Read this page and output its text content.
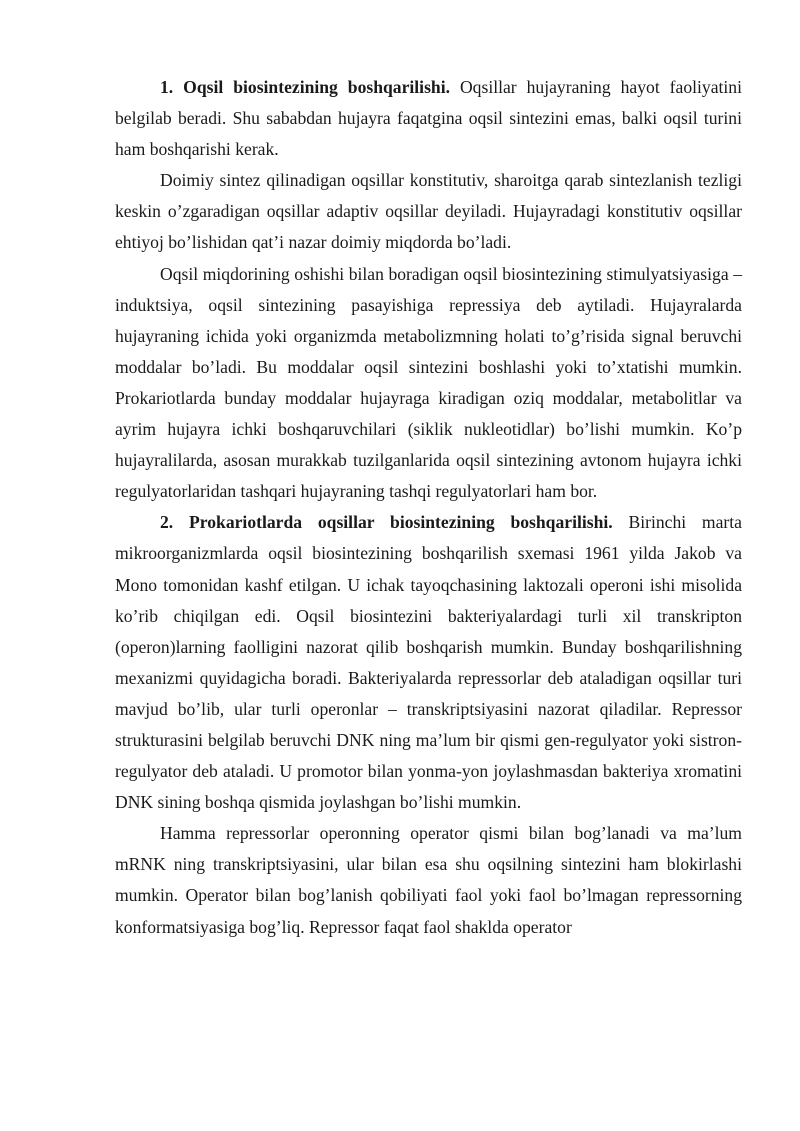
1. Oqsil biosintezining boshqarilishi. Oqsillar hujayraning hayot faoliyatini belgilab beradi. Shu sababdan hujayra faqatgina oqsil sintezini emas, balki oqsil turini ham boshqarishi kerak.

Doimiy sintez qilinadigan oqsillar konstitutiv, sharoitga qarab sintezlanish tezligi keskin o’zgaradigan oqsillar adaptiv oqsillar deyiladi. Hujayradagi konstitutiv oqsillar ehtiyoj bo’lishidan qat’i nazar doimiy miqdorda bo’ladi.

Oqsil miqdorining oshishi bilan boradigan oqsil biosintezining stimulyatsiyasiga – induktsiya, oqsil sintezining pasayishiga repressiya deb aytiladi. Hujayralarda hujayraning ichida yoki organizmda metabolizmning holati to’g’risida signal beruvchi moddalar bo’ladi. Bu moddalar oqsil sintezini boshlashi yoki to’xtatishi mumkin. Prokariotlarda bunday moddalar hujayraga kiradigan oziq moddalar, metabolitlar va ayrim hujayra ichki boshqaruvchilari (siklik nukleotidlar) bo’lishi mumkin. Ko’p hujayralilarda, asosan murakkab tuzilganlarida oqsil sintezining avtonom hujayra ichki regulyatorlaridan tashqari hujayraning tashqi regulyatorlari ham bor.

2. Prokariotlarda oqsillar biosintezining boshqarilishi. Birinchi marta mikroorganizmlarda oqsil biosintezining boshqarilish sxemasi 1961 yilda Jakob va Mono tomonidan kashf etilgan. U ichak tayoqchasining laktozali operoni ishi misolida ko’rib chiqilgan edi. Oqsil biosintezini bakteriyalardagi turli xil transkripton (operon)larning faolligini nazorat qilib boshqarish mumkin. Bunday boshqarilishning mexanizmi quyidagicha boradi. Bakteriyalarda repressorlar deb ataladigan oqsillar turi mavjud bo’lib, ular turli operonlar – transkriptsiyasini nazorat qiladilar. Repressor strukturasini belgilab beruvchi DNK ning ma’lum bir qismi gen-regulyator yoki sistron-regulyator deb ataladi. U promotor bilan yonma-yon joylashmasdan bakteriya xromatini DNK sining boshqa qismida joylashgan bo’lishi mumkin.

Hamma repressorlar operonning operator qismi bilan bog’lanadi va ma’lum mRNK ning transkriptsiyasini, ular bilan esa shu oqsilning sintezini ham blokirlashi mumkin. Operator bilan bog’lanish qobiliyati faol yoki faol bo’lmagan repressorning konformatsiyasiga bog’liq. Repressor faqat faol shaklda operator
